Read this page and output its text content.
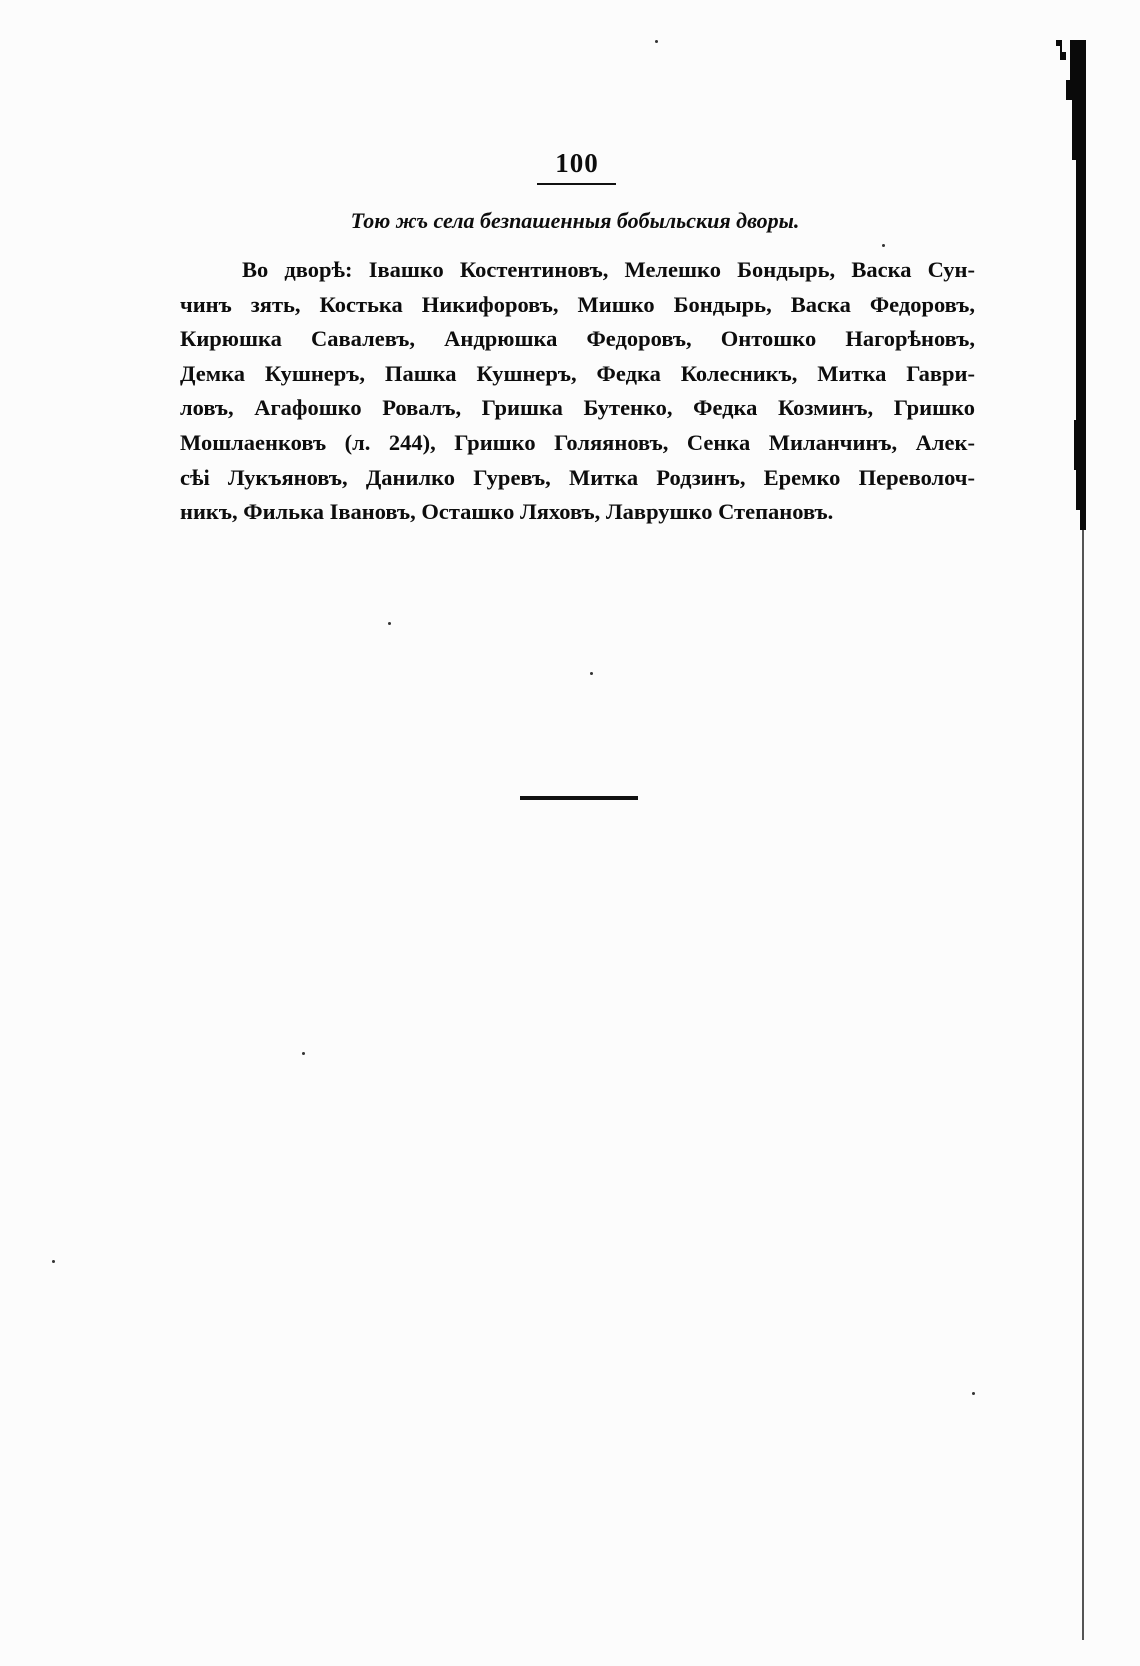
100
Тою жъ села безпашенныя бобыльския дворы.
Во дворѣ: Івашко Костентиновъ, Мелешко Бондырь, Васка Сун-
чинъ зять, Костька Никифоровъ, Мишко Бондырь, Васка Федоровъ,
Кирюшка Савалевъ, Андрюшка Федоровъ, Онтошко Нагорѣновъ,
Демка Кушнеръ, Пашка Кушнеръ, Федка Колесникъ, Митка Гаври-
ловъ, Агафошко Ровалъ, Гришка Бутенко, Федка Козминъ, Гришко
Мошлаенковъ (л. 244), Гришко Голяяновъ, Сенка Миланчинъ, Алек-
сѣі Лукъяновъ, Данилко Гуревъ, Митка Родзинъ, Еремко Переволоч-
никъ, Филька Івановъ, Осташко Ляховъ, Лаврушко Степановъ.
